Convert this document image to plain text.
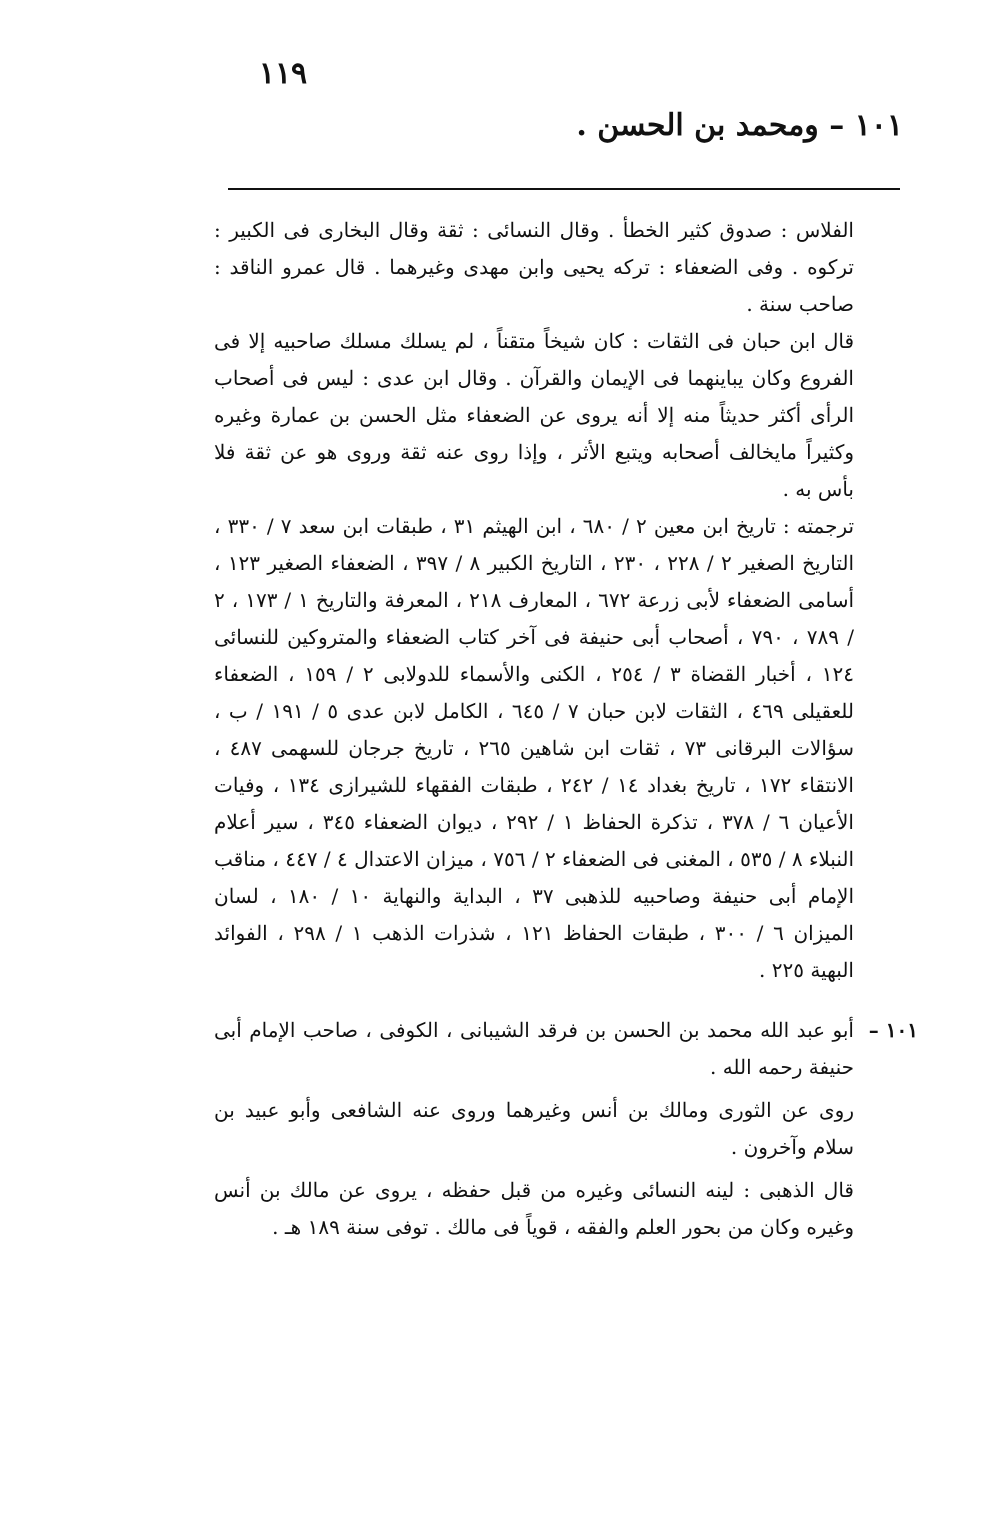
١١٩
١٠١ – ومحمد بن الحسن .

الفلاس : صدوق كثير الخطأ . وقال النسائى : ثقة وقال البخارى فى الكبير : تركوه . وفى الضعفاء : تركه يحيى وابن مهدى وغيرهما . قال عمرو الناقد : صاحب سنة .

قال ابن حبان فى الثقات : كان شيخاً متقناً ، لم يسلك مسلك صاحبيه إلا فى الفروع وكان يباينهما فى الإيمان والقرآن . وقال ابن عدى : ليس فى أصحاب الرأى أكثر حديثاً منه إلا أنه يروى عن الضعفاء مثل الحسن بن عمارة وغيره وكثيراً مايخالف أصحابه ويتبع الأثر ، وإذا روى عنه ثقة وروى هو عن ثقة فلا بأس به .

ترجمته : تاريخ ابن معين ٢ / ٦٨٠ ، ابن الهيثم ٣١ ، طبقات ابن سعد ٧ / ٣٣٠ ، التاريخ الصغير ٢ / ٢٢٨ ، ٢٣٠ ، التاريخ الكبير ٨ / ٣٩٧ ، الضعفاء الصغير ١٢٣ ، أسامى الضعفاء لأبى زرعة ٦٧٢ ، المعارف ٢١٨ ، المعرفة والتاريخ ١ / ١٧٣ ، ٢ / ٧٨٩ ، ٧٩٠ ، أصحاب أبى حنيفة فى آخر كتاب الضعفاء والمتروكين للنسائى ١٢٤ ، أخبار القضاة ٣ / ٢٥٤ ، الكنى والأسماء للدولابى ٢ / ١٥٩ ، الضعفاء للعقيلى ٤٦٩ ، الثقات لابن حبان ٧ / ٦٤٥ ، الكامل لابن عدى ٥ / ١٩١ / ب ، سؤالات البرقانى ٧٣ ، ثقات ابن شاهين ٢٦٥ ، تاريخ جرجان للسهمى ٤٨٧ ، الانتقاء ١٧٢ ، تاريخ بغداد ١٤ / ٢٤٢ ، طبقات الفقهاء للشيرازى ١٣٤ ، وفيات الأعيان ٦ / ٣٧٨ ، تذكرة الحفاظ ١ / ٢٩٢ ، ديوان الضعفاء ٣٤٥ ، سير أعلام النبلاء ٨ / ٥٣٥ ، المغنى فى الضعفاء ٢ / ٧٥٦ ، ميزان الاعتدال ٤ / ٤٤٧ ، مناقب الإمام أبى حنيفة وصاحبيه للذهبى ٣٧ ، البداية والنهاية ١٠ / ١٨٠ ، لسان الميزان ٦ / ٣٠٠ ، طبقات الحفاظ ١٢١ ، شذرات الذهب ١ / ٢٩٨ ، الفوائد البهية ٢٢٥ .

١٠١ –

أبو عبد الله محمد بن الحسن بن فرقد الشيبانى ، الكوفى ، صاحب الإمام أبى حنيفة رحمه الله .

روى عن الثورى ومالك بن أنس وغيرهما وروى عنه الشافعى وأبو عبيد بن سلام وآخرون .

قال الذهبى : لينه النسائى وغيره من قبل حفظه ، يروى عن مالك بن أنس وغيره وكان من بحور العلم والفقه ، قوياً فى مالك . توفى سنة ١٨٩ هـ .
